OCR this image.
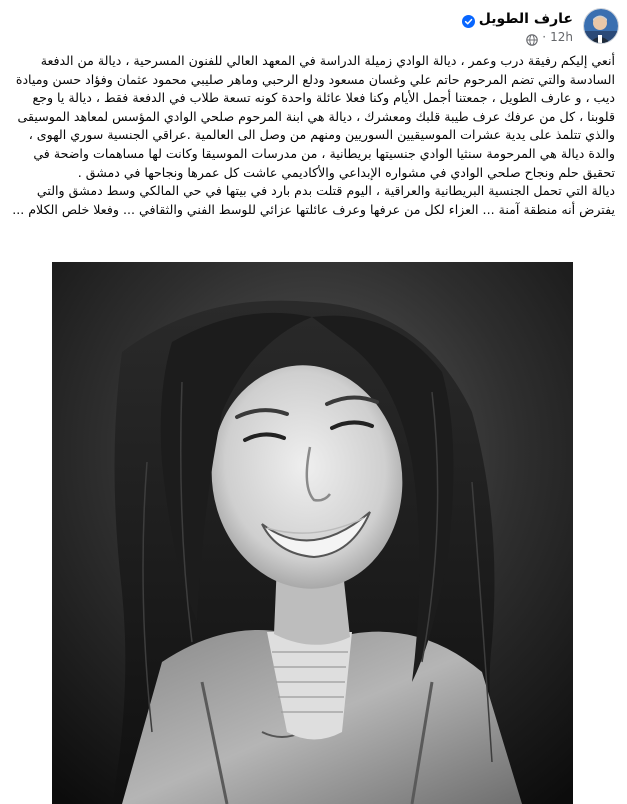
عارف الطويل
12h
·

أنعي إليكم رفيقة درب وعمر ، ديالة الوادي زميلة الدراسة في المعهد العالي للفنون المسرحية ، ديالة من الدفعة السادسة والتي تضم المرحوم حاتم علي وغسان مسعود ودلع الرحبي وماهر صليبي محمود عثمان وفؤاد حسن وميادة ديب ، و عارف الطويل ، جمعتنا أجمل الأيام وكنا فعلا عائلة واحدة كونه تسعة طلاب في الدفعة فقط ، ديالة يا وجع قلوبنا ، كل من عرفك عرف طيبة قلبك ومعشرك ، ديالة هي ابنة المرحوم صلحي الوادي المؤسس لمعاهد الموسيقى والذي تتلمذ على يدية عشرات الموسيقيين السوريين ومنهم من وصل الى العالمية .عراقي الجنسية سوري الهوى ، والدة ديالة هي المرحومة سنثيا الوادي جنسيتها بريطانية ، من مدرسات الموسيقا وكانت لها مساهمات واضحة في تحقيق حلم ونجاح صلحي الوادي في مشواره الإبداعي والأكاديمي عاشت كل عمرها ونجاحها في دمشق .

ديالة التي تحمل الجنسية البريطانية والعراقية ، اليوم قتلت بدم بارد في بيتها في حي المالكي وسط دمشق والتي يفترض أنه منطقة آمنة ... العزاء لكل من عرفها وعرف عائلتها عزائي للوسط الفني والثقافي ... وفعلا خلص الكلام ...
